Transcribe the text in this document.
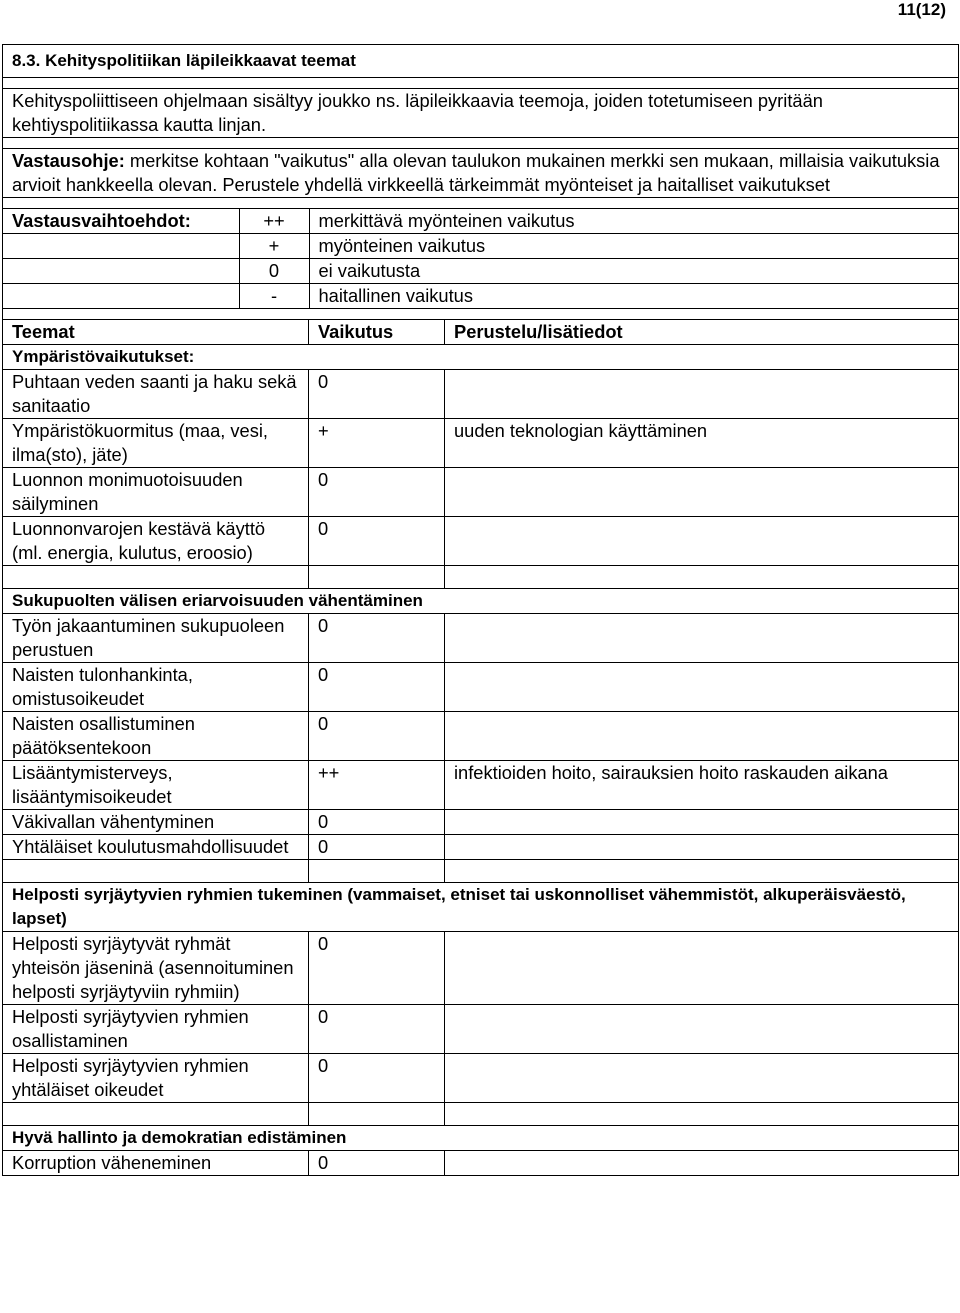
11(12)
8.3. Kehityspolitiikan läpileikkaavat teemat

Kehityspoliittiseen ohjelmaan sisältyy joukko ns. läpileikkaavia teemoja, joiden totetumiseen pyritään kehtiyspolitiikassa kautta linjan.

Vastausohje: merkitse kohtaan "vaikutus" alla olevan taulukon mukainen merkki sen mukaan, millaisia vaikutuksia arvioit hankkeella olevan. Perustele yhdellä virkkeellä tärkeimmät myönteiset ja haitalliset vaikutukset

Vastausvaihtoehdot:	++	merkittävä myönteinen vaikutus
	+	myönteinen vaikutus
	0	ei vaikutusta
	-	haitallinen vaikutus

Teemat	Vaikutus	Perustelu/lisätiedot
Ympäristövaikutukset:
Puhtaan veden saanti ja haku sekä sanitaatio	0	
Ympäristökuormitus (maa, vesi, ilma(sto), jäte)	+	uuden teknologian käyttäminen
Luonnon monimuotoisuuden säilyminen	0	
Luonnonvarojen kestävä käyttö (ml. energia, kulutus, eroosio)	0	

Sukupuolten välisen eriarvoisuuden vähentäminen
Työn jakaantuminen sukupuoleen perustuen	0	
Naisten tulonhankinta, omistusoikeudet	0	
Naisten osallistuminen päätöksentekoon	0	
Lisääntymisterveys, lisääntymisoikeudet	++	infektioiden hoito, sairauksien hoito raskauden aikana
Väkivallan vähentyminen	0	
Yhtäläiset koulutusmahdollisuudet	0	

Helposti syrjäytyvien ryhmien tukeminen (vammaiset, etniset tai uskonnolliset vähemmistöt, alkuperäisväestö, lapset)
Helposti syrjäytyvät ryhmät yhteisön jäseninä (asennoituminen helposti syrjäytyviin ryhmiin)	0	
Helposti syrjäytyvien ryhmien osallistaminen	0	
Helposti syrjäytyvien ryhmien yhtäläiset oikeudet	0	

Hyvä hallinto ja demokratian edistäminen
Korruption väheneminen	0	
